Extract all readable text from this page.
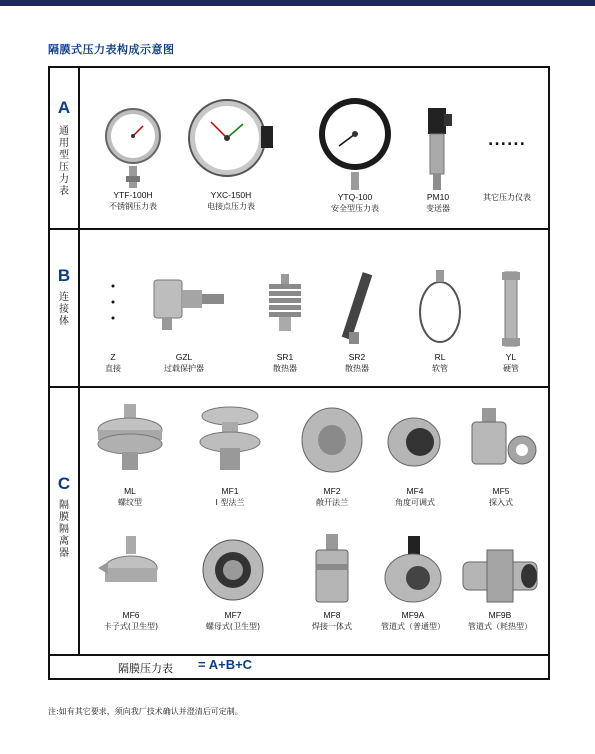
隔膜式压力表构成示意图
A
通
用
型
压
力
表	YTF-100H
不锈钢压力表
YXC-150H
电接点压力表
YTQ-100
安全型压力表
PM10
变送器
......
其它压力仪表
B
连
接
体
Z
直接
GZL
过载保护器
SR1
散热器
SR2
散热器
RL
软管
YL
硬管
C
隔
膜
隔
离
器
ML
螺纹型
MF1
I 型法兰
MF2
敞开法兰
MF4
角度可调式
MF5
探入式
MF6
卡子式(卫生型)
MF7
螺母式(卫生型)
MF8
焊接一体式
MF9A
管道式（普通型）
MF9B
管道式（耗热型）
隔膜压力表 = A+B+C
注:如有其它要求，须向我厂技术确认并澄清后可定制。
